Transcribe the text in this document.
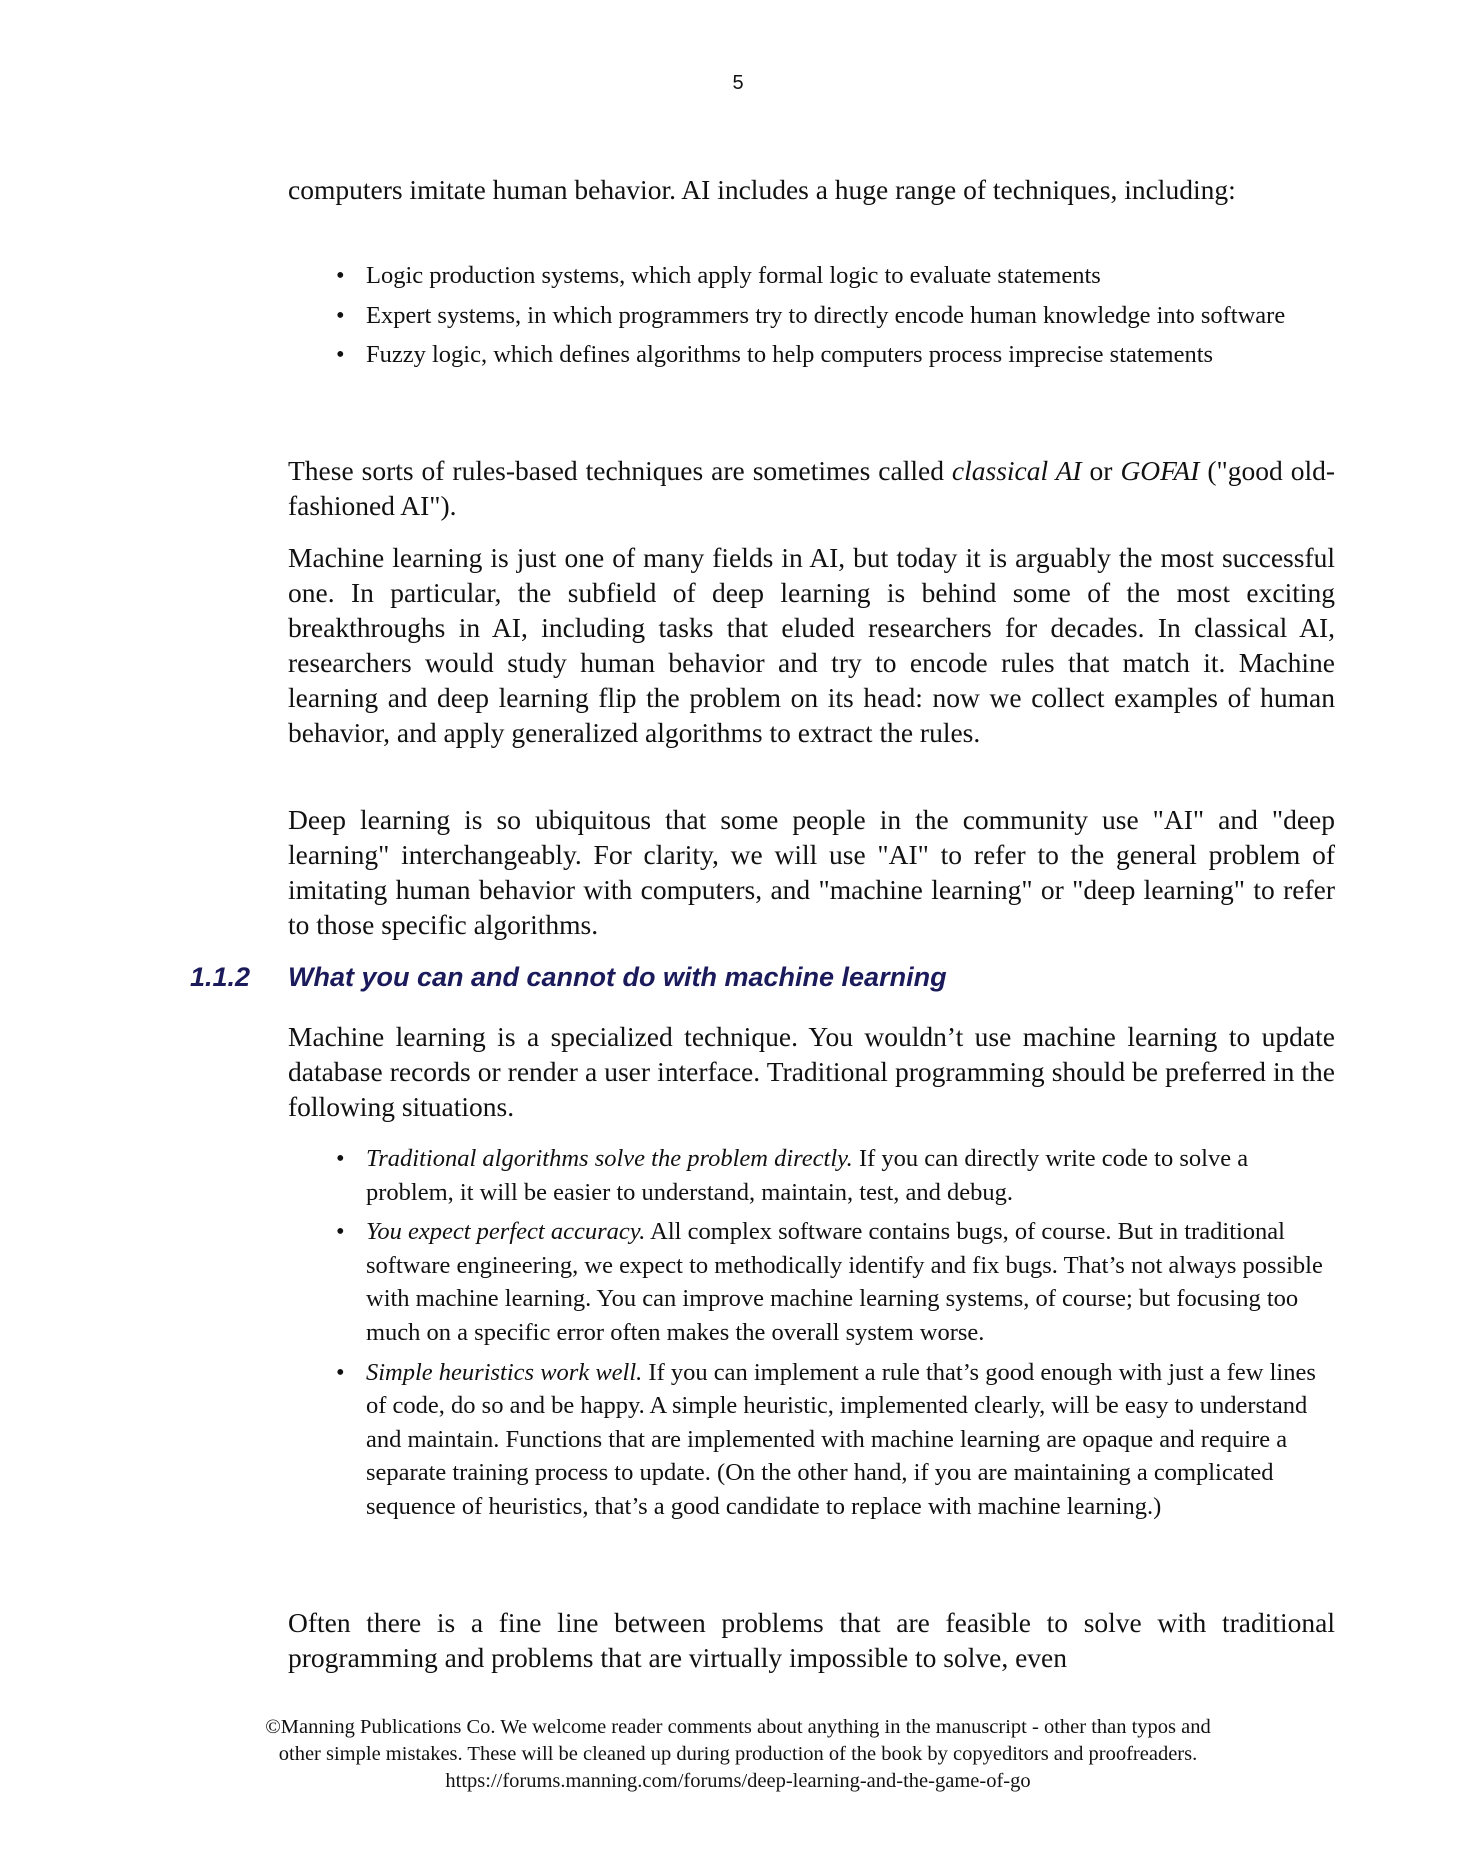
5

computers imitate human behavior. AI includes a huge range of techniques, including:

• Logic production systems, which apply formal logic to evaluate statements
• Expert systems, in which programmers try to directly encode human knowledge into software
• Fuzzy logic, which defines algorithms to help computers process imprecise statements

These sorts of rules-based techniques are sometimes called classical AI or GOFAI ("good old-fashioned AI").

Machine learning is just one of many fields in AI, but today it is arguably the most successful one. In particular, the subfield of deep learning is behind some of the most exciting breakthroughs in AI, including tasks that eluded researchers for decades. In classical AI, researchers would study human behavior and try to encode rules that match it. Machine learning and deep learning flip the problem on its head: now we collect examples of human behavior, and apply generalized algorithms to extract the rules.

Deep learning is so ubiquitous that some people in the community use "AI" and "deep learning" interchangeably. For clarity, we will use "AI" to refer to the general problem of imitating human behavior with computers, and "machine learning" or "deep learning" to refer to those specific algorithms.

1.1.2 What you can and cannot do with machine learning

Machine learning is a specialized technique. You wouldn’t use machine learning to update database records or render a user interface. Traditional programming should be preferred in the following situations.

• Traditional algorithms solve the problem directly. If you can directly write code to solve a problem, it will be easier to understand, maintain, test, and debug.
• You expect perfect accuracy. All complex software contains bugs, of course. But in traditional software engineering, we expect to methodically identify and fix bugs. That’s not always possible with machine learning. You can improve machine learning systems, of course; but focusing too much on a specific error often makes the overall system worse.
• Simple heuristics work well. If you can implement a rule that’s good enough with just a few lines of code, do so and be happy. A simple heuristic, implemented clearly, will be easy to understand and maintain. Functions that are implemented with machine learning are opaque and require a separate training process to update. (On the other hand, if you are maintaining a complicated sequence of heuristics, that’s a good candidate to replace with machine learning.)

Often there is a fine line between problems that are feasible to solve with traditional programming and problems that are virtually impossible to solve, even

©Manning Publications Co. We welcome reader comments about anything in the manuscript - other than typos and
other simple mistakes. These will be cleaned up during production of the book by copyeditors and proofreaders.
https://forums.manning.com/forums/deep-learning-and-the-game-of-go
